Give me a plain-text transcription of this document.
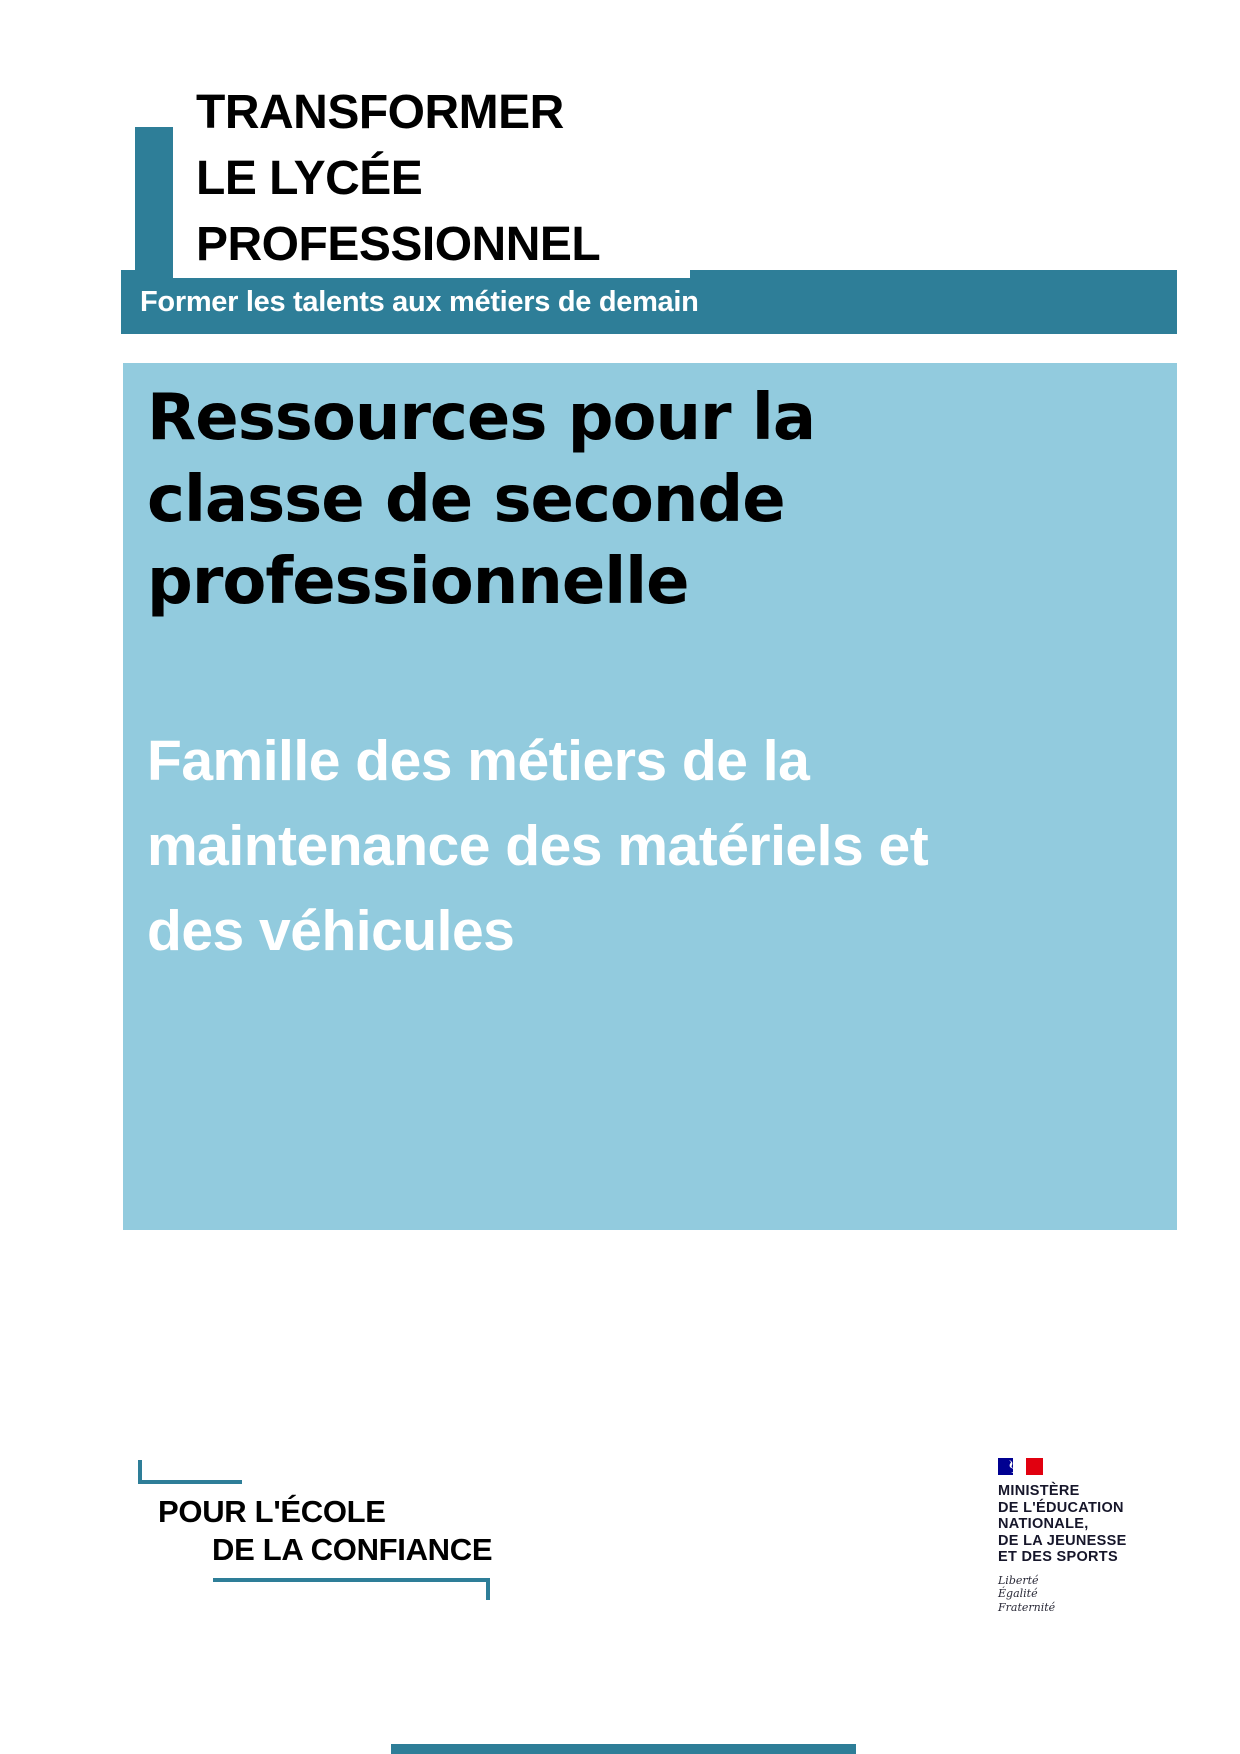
TRANSFORMER
LE LYCÉE
PROFESSIONNEL
Former les talents aux métiers de demain
Ressources pour la
classe de seconde
professionnelle
Famille des métiers de la
maintenance des matériels et
des véhicules
POUR L'ÉCOLE
DE LA CONFIANCE
MINISTÈRE
DE L'ÉDUCATION
NATIONALE,
DE LA JEUNESSE
ET DES SPORTS
Liberté
Égalité
Fraternité
